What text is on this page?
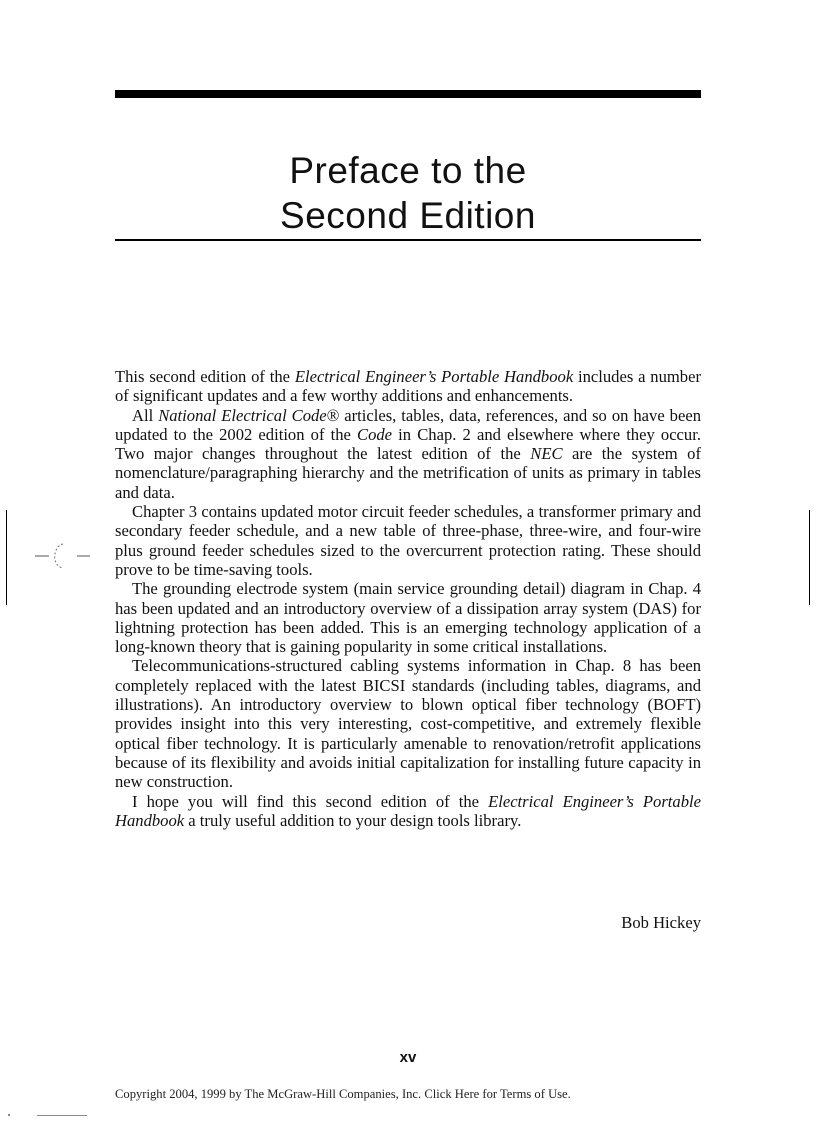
Preface to the
Second Edition

This second edition of the Electrical Engineer’s Portable Handbook includes a number of significant updates and a few worthy additions and enhancements.

All National Electrical Code® articles, tables, data, references, and so on have been updated to the 2002 edition of the Code in Chap. 2 and elsewhere where they occur. Two major changes throughout the latest edition of the NEC are the system of nomenclature/paragraphing hierarchy and the metrification of units as primary in tables and data.

Chapter 3 contains updated motor circuit feeder schedules, a transformer primary and secondary feeder schedule, and a new table of three-phase, three-wire, and four-wire plus ground feeder schedules sized to the overcurrent protection rating. These should prove to be time-saving tools.

The grounding electrode system (main service grounding detail) diagram in Chap. 4 has been updated and an introductory overview of a dissipation array system (DAS) for lightning protection has been added. This is an emerging technology application of a long-known theory that is gaining popularity in some critical installations.

Telecommunications-structured cabling systems information in Chap. 8 has been completely replaced with the latest BICSI standards (including tables, diagrams, and illustrations). An introductory overview to blown optical fiber technology (BOFT) provides insight into this very interesting, cost-competitive, and extremely flexible optical fiber technology. It is particularly amenable to renovation/retrofit applications because of its flexibility and avoids initial capitalization for installing future capacity in new construction.

I hope you will find this second edition of the Electrical Engineer’s Portable Handbook a truly useful addition to your design tools library.

Bob Hickey
xv
Copyright 2004, 1999 by The McGraw-Hill Companies, Inc. Click Here for Terms of Use.
